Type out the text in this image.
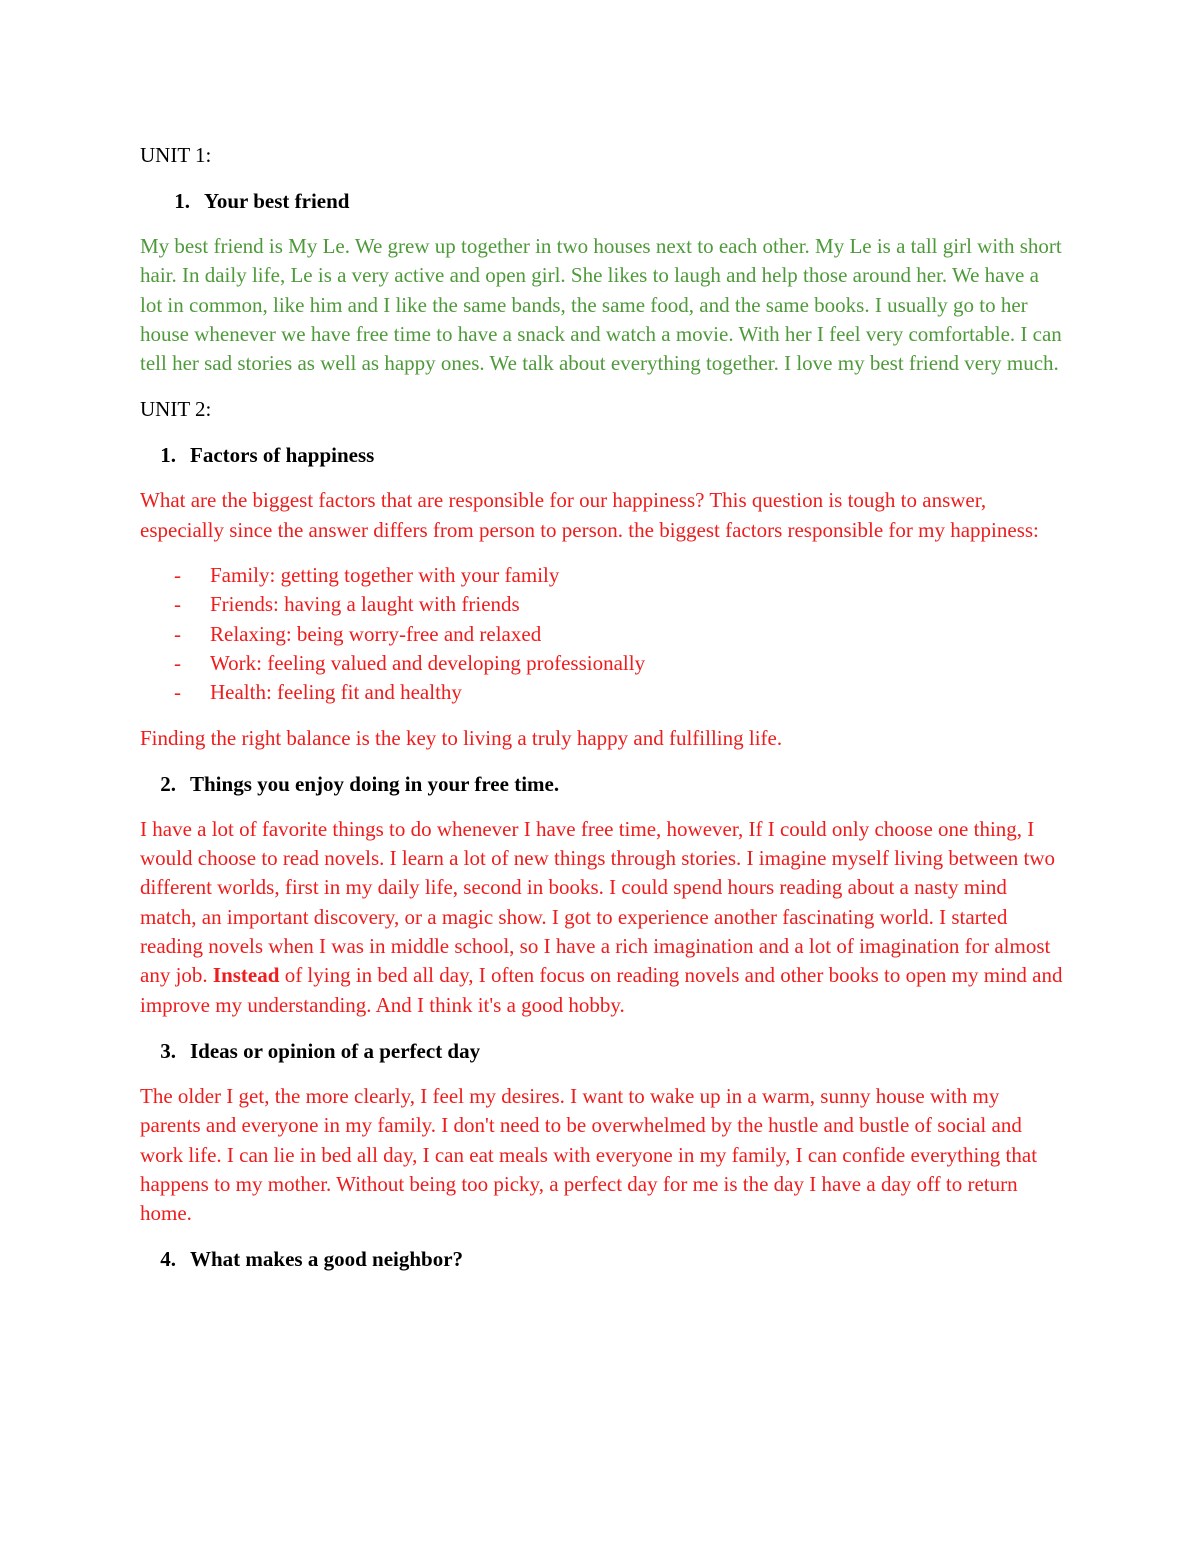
UNIT 1:

1. Your best friend

My best friend is My Le. We grew up together in two houses next to each other. My Le is a tall girl with short hair. In daily life, Le is a very active and open girl. She likes to laugh and help those around her. We have a lot in common, like him and I like the same bands, the same food, and the same books. I usually go to her house whenever we have free time to have a snack and watch a movie. With her I feel very comfortable. I can tell her sad stories as well as happy ones. We talk about everything together. I love my best friend very much.

UNIT 2:

1. Factors of happiness

What are the biggest factors that are responsible for our happiness? This question is tough to answer, especially since the answer differs from person to person. the biggest factors responsible for my happiness:

-	Family: getting together with your family
-	Friends: having a laught with friends
-	Relaxing: being worry-free and relaxed
-	Work: feeling valued and developing professionally
-	Health: feeling fit and healthy

Finding the right balance is the key to living a truly happy and fulfilling life.

2. Things you enjoy doing in your free time.

I have a lot of favorite things to do whenever I have free time, however, If I could only choose one thing, I would choose to read novels. I learn a lot of new things through stories. I imagine myself living between two different worlds, first in my daily life, second in books. I could spend hours reading about a nasty mind match, an important discovery, or a magic show. I got to experience another fascinating world. I started reading novels when I was in middle school, so I have a rich imagination and a lot of imagination for almost any job. Instead of lying in bed all day, I often focus on reading novels and other books to open my mind and improve my understanding. And I think it's a good hobby.

3. Ideas or opinion of a perfect day

The older I get, the more clearly, I feel my desires. I want to wake up in a warm, sunny house with my parents and everyone in my family. I don't need to be overwhelmed by the hustle and bustle of social and work life. I can lie in bed all day, I can eat meals with everyone in my family, I can confide everything that happens to my mother. Without being too picky, a perfect day for me is the day I have a day off to return home.

4. What makes a good neighbor?
